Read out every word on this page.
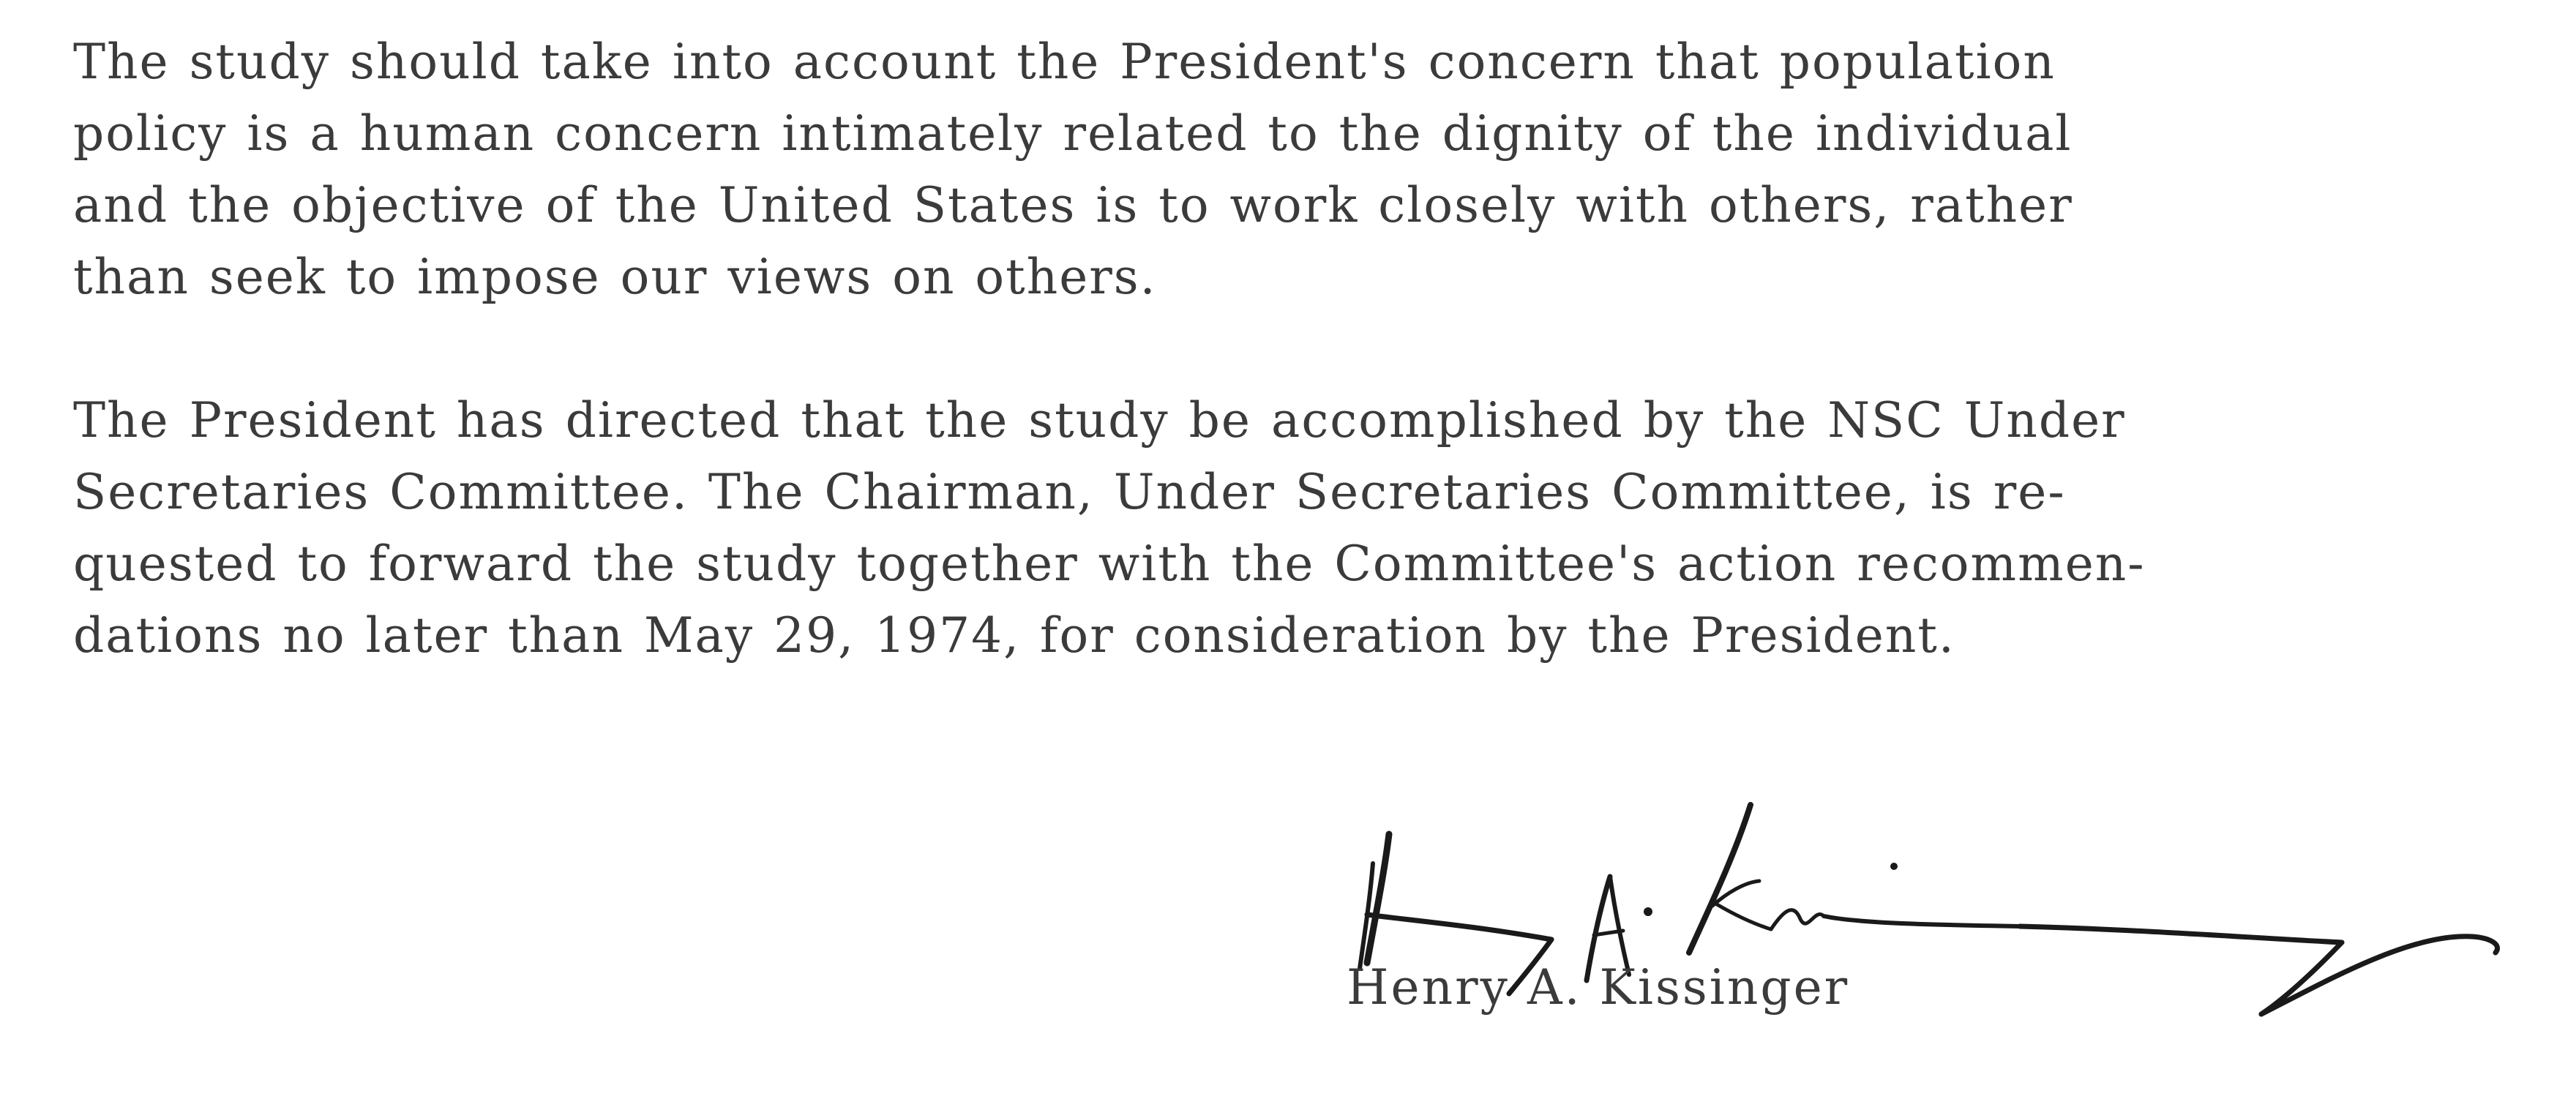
The study should take into account the President's concern that population
policy is a human concern intimately related to the dignity of the individual
and the objective of the United States is to work closely with others, rather
than seek to impose our views on others.

The President has directed that the study be accomplished by the NSC Under
Secretaries Committee. The Chairman, Under Secretaries Committee, is re-
quested to forward the study together with the Committee's action recommen-
dations no later than May 29, 1974, for consideration by the President.

Henry A. Kissinger
